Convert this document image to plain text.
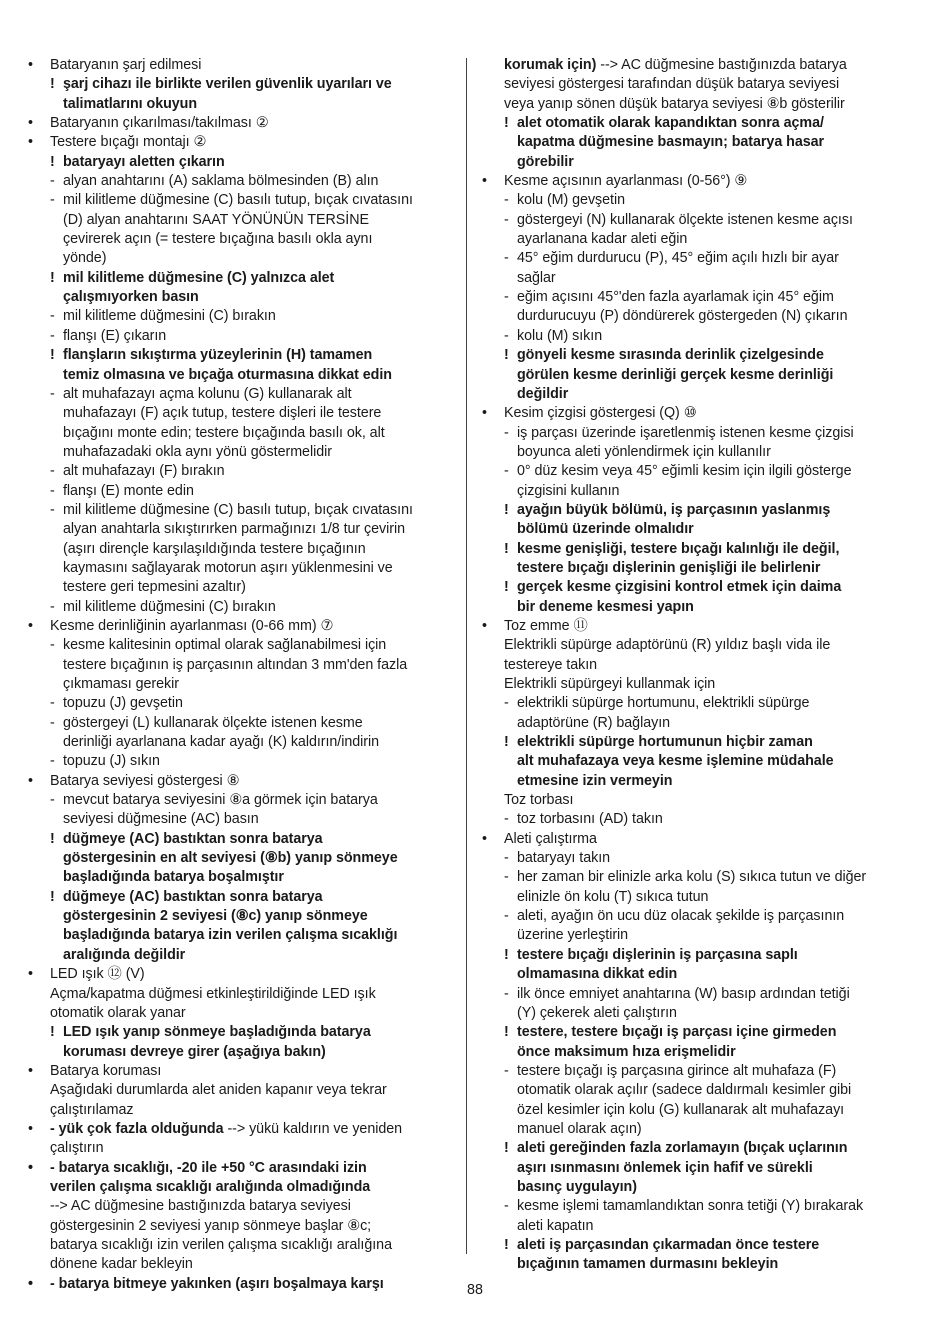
•	Bataryanın şarj edilmesi
! şarj cihazı ile birlikte verilen güvenlik uyarıları ve
talimatlarını okuyun
•	Bataryanın çıkarılması/takılması ②
•	Testere bıçağı montajı ②
! bataryayı aletten çıkarın
- alyan anahtarını (A) saklama bölmesinden (B) alın
- mil kilitleme düğmesine (C) basılı tutup, bıçak cıvatasını
(D) alyan anahtarını SAAT YÖNÜNÜN TERSİNE
çevirerek açın (= testere bıçağına basılı okla aynı
yönde)
! mil kilitleme düğmesine (C) yalnızca alet
çalışmıyorken basın
- mil kilitleme düğmesini (C) bırakın
- flanşı (E) çıkarın
! flanşların sıkıştırma yüzeylerinin (H) tamamen
temiz olmasına ve bıçağa oturmasına dikkat edin
- alt muhafazayı açma kolunu (G) kullanarak alt
muhafazayı (F) açık tutup, testere dişleri ile testere
bıçağını monte edin; testere bıçağında basılı ok, alt
muhafazadaki okla aynı yönü göstermelidir
- alt muhafazayı (F) bırakın
- flanşı (E) monte edin
- mil kilitleme düğmesine (C) basılı tutup, bıçak cıvatasını
alyan anahtarla sıkıştırırken parmağınızı 1/8 tur çevirin
(aşırı dirençle karşılaşıldığında testere bıçağının
kaymasını sağlayarak motorun aşırı yüklenmesini ve
testere geri tepmesini azaltır)
- mil kilitleme düğmesini (C) bırakın
•	Kesme derinliğinin ayarlanması (0-66 mm) ⑦
- kesme kalitesinin optimal olarak sağlanabilmesi için
testere bıçağının iş parçasının altından 3 mm'den fazla
çıkmaması gerekir
- topuzu (J) gevşetin
- göstergeyi (L) kullanarak ölçekte istenen kesme
derinliği ayarlanana kadar ayağı (K) kaldırın/indirin
- topuzu (J) sıkın
•	Batarya seviyesi göstergesi ⑧
- mevcut batarya seviyesini ⑧a görmek için batarya
seviyesi düğmesine (AC) basın
! düğmeye (AC) bastıktan sonra batarya
göstergesinin en alt seviyesi (⑧b) yanıp sönmeye
başladığında batarya boşalmıştır
! düğmeye (AC) bastıktan sonra batarya
göstergesinin 2 seviyesi (⑧c) yanıp sönmeye
başladığında batarya izin verilen çalışma sıcaklığı
aralığında değildir
•	LED ışık ⑫ (V)
Açma/kapatma düğmesi etkinleştirildiğinde LED ışık
otomatik olarak yanar
! LED ışık yanıp sönmeye başladığında batarya
koruması devreye girer (aşağıya bakın)
•	Batarya koruması
Aşağıdaki durumlarda alet aniden kapanır veya tekrar
çalıştırılamaz
•	- yük çok fazla olduğunda --> yükü kaldırın ve yeniden
çalıştırın
•	- batarya sıcaklığı, -20 ile +50 °C arasındaki izin
verilen çalışma sıcaklığı aralığında olmadığında
--> AC düğmesine bastığınızda batarya seviyesi
göstergesinin 2 seviyesi yanıp sönmeye başlar ⑧c;
batarya sıcaklığı izin verilen çalışma sıcaklığı aralığına
dönene kadar bekleyin
•	- batarya bitmeye yakınken (aşırı boşalmaya karşı
korumak için) --> AC düğmesine bastığınızda batarya
seviyesi göstergesi tarafından düşük batarya seviyesi
veya yanıp sönen düşük batarya seviyesi ⑧b gösterilir
! alet otomatik olarak kapandıktan sonra açma/
kapatma düğmesine basmayın; batarya hasar
görebilir
•	Kesme açısının ayarlanması (0-56°) ⑨
- kolu (M) gevşetin
- göstergeyi (N) kullanarak ölçekte istenen kesme açısı
ayarlanana kadar aleti eğin
- 45° eğim durdurucu (P), 45° eğim açılı hızlı bir ayar
sağlar
- eğim açısını 45°'den fazla ayarlamak için 45° eğim
durdurucuyu (P) döndürerek göstergeden (N) çıkarın
- kolu (M) sıkın
! gönyeli kesme sırasında derinlik çizelgesinde
görülen kesme derinliği gerçek kesme derinliği
değildir
•	Kesim çizgisi göstergesi (Q) ⑩
- iş parçası üzerinde işaretlenmiş istenen kesme çizgisi
boyunca aleti yönlendirmek için kullanılır
- 0° düz kesim veya 45° eğimli kesim için ilgili gösterge
çizgisini kullanın
! ayağın büyük bölümü, iş parçasının yaslanmış
bölümü üzerinde olmalıdır
! kesme genişliği, testere bıçağı kalınlığı ile değil,
testere bıçağı dişlerinin genişliği ile belirlenir
! gerçek kesme çizgisini kontrol etmek için daima
bir deneme kesmesi yapın
•	Toz emme ⑪
Elektrikli süpürge adaptörünü (R) yıldız başlı vida ile
testereye takın
Elektrikli süpürgeyi kullanmak için
- elektrikli süpürge hortumunu, elektrikli süpürge
adaptörüne (R) bağlayın
! elektrikli süpürge hortumunun hiçbir zaman
alt muhafazaya veya kesme işlemine müdahale
etmesine izin vermeyin
Toz torbası
- toz torbasını (AD) takın
•	Aleti çalıştırma
- bataryayı takın
- her zaman bir elinizle arka kolu (S) sıkıca tutun ve diğer
elinizle ön kolu (T) sıkıca tutun
- aleti, ayağın ön ucu düz olacak şekilde iş parçasının
üzerine yerleştirin
! testere bıçağı dişlerinin iş parçasına saplı
olmamasına dikkat edin
- ilk önce emniyet anahtarına (W) basıp ardından tetiği
(Y) çekerek aleti çalıştırın
! testere, testere bıçağı iş parçası içine girmeden
önce maksimum hıza erişmelidir
- testere bıçağı iş parçasına girince alt muhafaza (F)
otomatik olarak açılır (sadece daldırmalı kesimler gibi
özel kesimler için kolu (G) kullanarak alt muhafazayı
manuel olarak açın)
! aleti gereğinden fazla zorlamayın (bıçak uçlarının
aşırı ısınmasını önlemek için hafif ve sürekli
basınç uygulayın)
- kesme işlemi tamamlandıktan sonra tetiği (Y) bırakarak
aleti kapatın
! aleti iş parçasından çıkarmadan önce testere
bıçağının tamamen durmasını bekleyin
88
